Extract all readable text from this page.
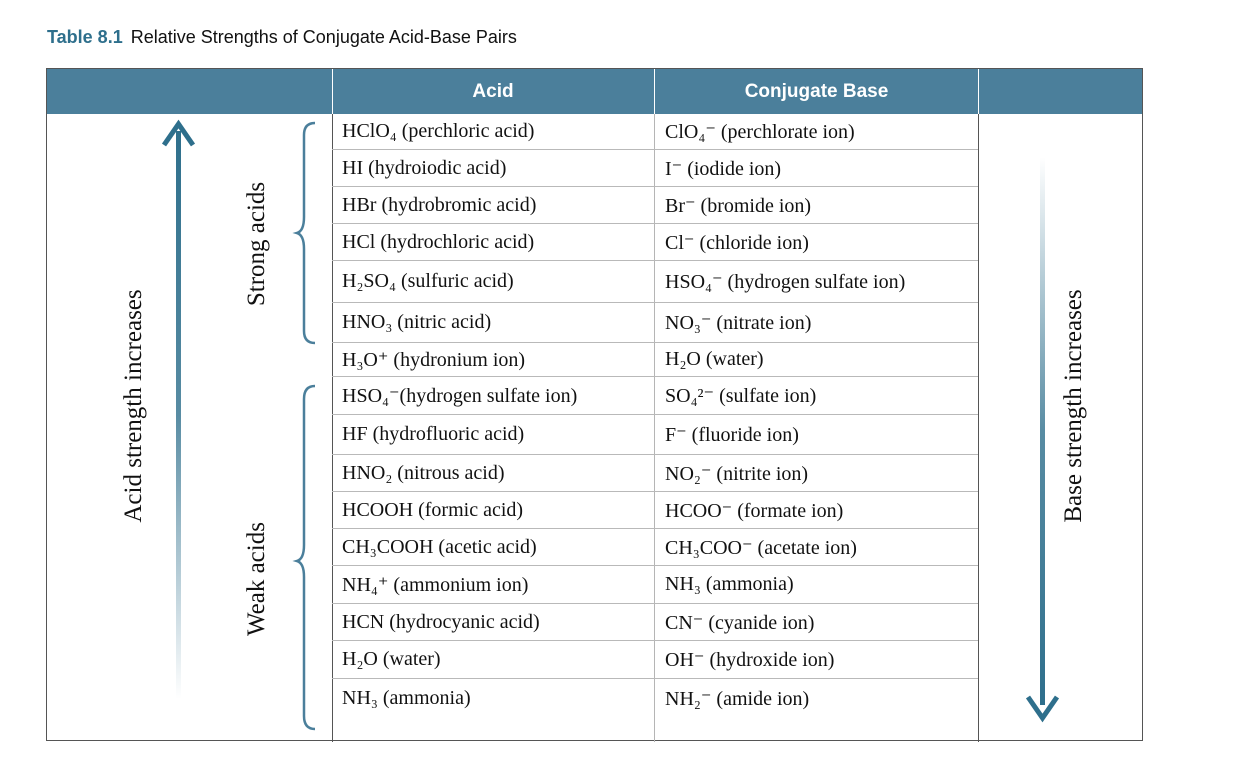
Table 8.1 Relative Strengths of Conjugate Acid-Base Pairs
Acid	Conjugate Base
HClO₄ (perchloric acid)	ClO₄⁻ (perchlorate ion)
HI (hydroiodic acid)	I⁻ (iodide ion)
HBr (hydrobromic acid)	Br⁻ (bromide ion)
HCl (hydrochloric acid)	Cl⁻ (chloride ion)
H₂SO₄ (sulfuric acid)	HSO₄⁻ (hydrogen sulfate ion)
HNO₃ (nitric acid)	NO₃⁻ (nitrate ion)
H₃O⁺ (hydronium ion)	H₂O (water)
HSO₄⁻(hydrogen sulfate ion)	SO₄²⁻ (sulfate ion)
HF (hydrofluoric acid)	F⁻ (fluoride ion)
HNO₂ (nitrous acid)	NO₂⁻ (nitrite ion)
HCOOH (formic acid)	HCOO⁻ (formate ion)
CH₃COOH (acetic acid)	CH₃COO⁻ (acetate ion)
NH₄⁺ (ammonium ion)	NH₃ (ammonia)
HCN (hydrocyanic acid)	CN⁻ (cyanide ion)
H₂O (water)	OH⁻ (hydroxide ion)
NH₃ (ammonia)	NH₂⁻ (amide ion)
Acid strength increases	Base strength increases
Strong acids
Weak acids
